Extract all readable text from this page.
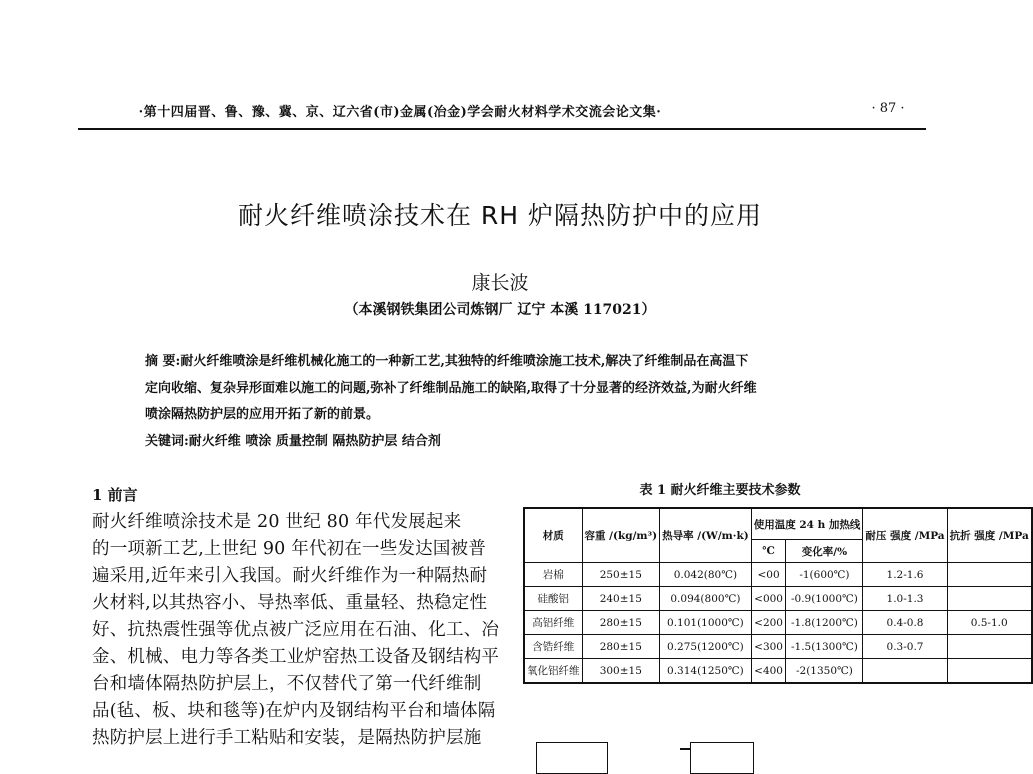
·第十四届晋、鲁、豫、冀、京、辽六省(市)金属(冶金)学会耐火材料学术交流会论文集·	· 87 ·
耐火纤维喷涂技术在 RH 炉隔热防护中的应用
康长波
（本溪钢铁集团公司炼钢厂 辽宁 本溪 117021）
摘 要:耐火纤维喷涂是纤维机械化施工的一种新工艺,其独特的纤维喷涂施工技术,解决了纤维制品在高温下
定向收缩、复杂异形面难以施工的问题,弥补了纤维制品施工的缺陷,取得了十分显著的经济效益,为耐火纤维
喷涂隔热防护层的应用开拓了新的前景。
关键词:耐火纤维 喷涂 质量控制 隔热防护层 结合剂
1 前言
耐火纤维喷涂技术是 20 世纪 80 年代发展起来
的一项新工艺,上世纪 90 年代初在一些发达国被普
遍采用,近年来引入我国。耐火纤维作为一种隔热耐
火材料,以其热容小、导热率低、重量轻、热稳定性
好、抗热震性强等优点被广泛应用在石油、化工、冶
金、机械、电力等各类工业炉窑热工设备及钢结构平
台和墙体隔热防护层上，不仅替代了第一代纤维制
品(毡、板、块和毯等)在炉内及钢结构平台和墙体隔
热防护层上进行手工粘贴和安装，是隔热防护层施
表 1 耐火纤维主要技术参数
材质	容重 /(kg/m³)	热导率 /(W/m·k)	使用温度 24 h 加热线		耐压 强度 /MPa	抗折 强度 /MPa
			℃	变化率/%		
岩棉	250±15	0.042(80℃)	<00	-1(600℃)	1.2-1.6	
硅酸铝	240±15	0.094(800℃)	<000	-0.9(1000℃)	1.0-1.3	
高铝纤维	280±15	0.101(1000℃)	<200	-1.8(1200℃)	0.4-0.8	0.5-1.0
含锆纤维	280±15	0.275(1200℃)	<300	-1.5(1300℃)	0.3-0.7	
氧化铝纤维	300±15	0.314(1250℃)	<400	-2(1350℃)		
